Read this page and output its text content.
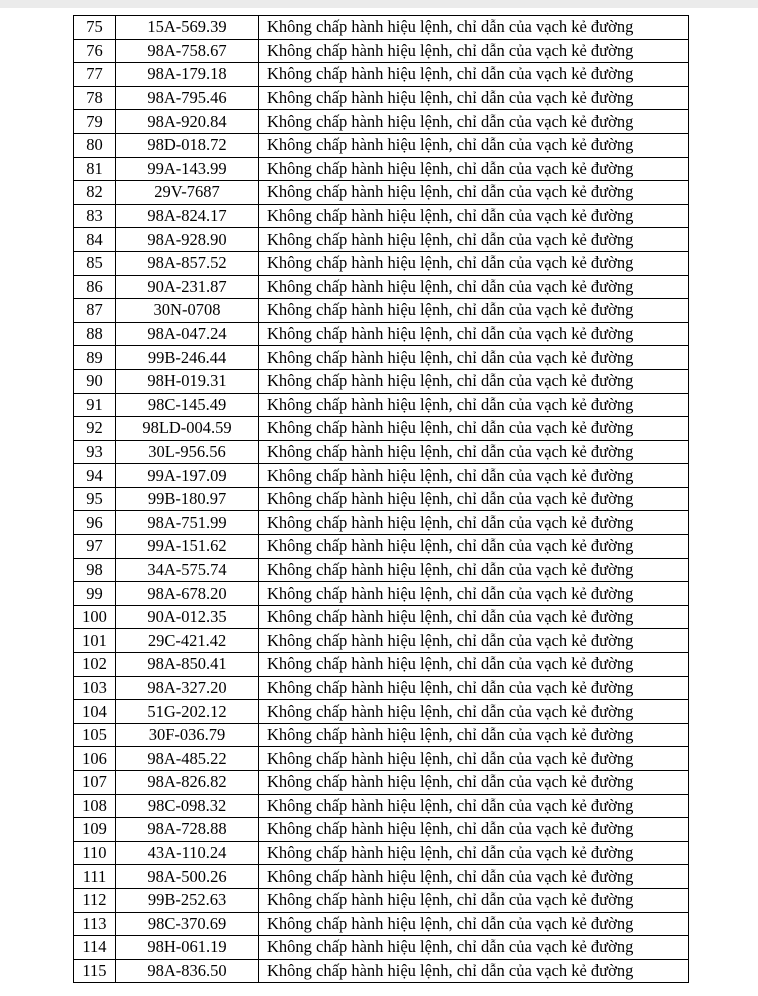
75	15A-569.39	Không chấp hành hiệu lệnh, chỉ dẫn của vạch kẻ đường
76	98A-758.67	Không chấp hành hiệu lệnh, chỉ dẫn của vạch kẻ đường
77	98A-179.18	Không chấp hành hiệu lệnh, chỉ dẫn của vạch kẻ đường
78	98A-795.46	Không chấp hành hiệu lệnh, chỉ dẫn của vạch kẻ đường
79	98A-920.84	Không chấp hành hiệu lệnh, chỉ dẫn của vạch kẻ đường
80	98D-018.72	Không chấp hành hiệu lệnh, chỉ dẫn của vạch kẻ đường
81	99A-143.99	Không chấp hành hiệu lệnh, chỉ dẫn của vạch kẻ đường
82	29V-7687	Không chấp hành hiệu lệnh, chỉ dẫn của vạch kẻ đường
83	98A-824.17	Không chấp hành hiệu lệnh, chỉ dẫn của vạch kẻ đường
84	98A-928.90	Không chấp hành hiệu lệnh, chỉ dẫn của vạch kẻ đường
85	98A-857.52	Không chấp hành hiệu lệnh, chỉ dẫn của vạch kẻ đường
86	90A-231.87	Không chấp hành hiệu lệnh, chỉ dẫn của vạch kẻ đường
87	30N-0708	Không chấp hành hiệu lệnh, chỉ dẫn của vạch kẻ đường
88	98A-047.24	Không chấp hành hiệu lệnh, chỉ dẫn của vạch kẻ đường
89	99B-246.44	Không chấp hành hiệu lệnh, chỉ dẫn của vạch kẻ đường
90	98H-019.31	Không chấp hành hiệu lệnh, chỉ dẫn của vạch kẻ đường
91	98C-145.49	Không chấp hành hiệu lệnh, chỉ dẫn của vạch kẻ đường
92	98LD-004.59	Không chấp hành hiệu lệnh, chỉ dẫn của vạch kẻ đường
93	30L-956.56	Không chấp hành hiệu lệnh, chỉ dẫn của vạch kẻ đường
94	99A-197.09	Không chấp hành hiệu lệnh, chỉ dẫn của vạch kẻ đường
95	99B-180.97	Không chấp hành hiệu lệnh, chỉ dẫn của vạch kẻ đường
96	98A-751.99	Không chấp hành hiệu lệnh, chỉ dẫn của vạch kẻ đường
97	99A-151.62	Không chấp hành hiệu lệnh, chỉ dẫn của vạch kẻ đường
98	34A-575.74	Không chấp hành hiệu lệnh, chỉ dẫn của vạch kẻ đường
99	98A-678.20	Không chấp hành hiệu lệnh, chỉ dẫn của vạch kẻ đường
100	90A-012.35	Không chấp hành hiệu lệnh, chỉ dẫn của vạch kẻ đường
101	29C-421.42	Không chấp hành hiệu lệnh, chỉ dẫn của vạch kẻ đường
102	98A-850.41	Không chấp hành hiệu lệnh, chỉ dẫn của vạch kẻ đường
103	98A-327.20	Không chấp hành hiệu lệnh, chỉ dẫn của vạch kẻ đường
104	51G-202.12	Không chấp hành hiệu lệnh, chỉ dẫn của vạch kẻ đường
105	30F-036.79	Không chấp hành hiệu lệnh, chỉ dẫn của vạch kẻ đường
106	98A-485.22	Không chấp hành hiệu lệnh, chỉ dẫn của vạch kẻ đường
107	98A-826.82	Không chấp hành hiệu lệnh, chỉ dẫn của vạch kẻ đường
108	98C-098.32	Không chấp hành hiệu lệnh, chỉ dẫn của vạch kẻ đường
109	98A-728.88	Không chấp hành hiệu lệnh, chỉ dẫn của vạch kẻ đường
110	43A-110.24	Không chấp hành hiệu lệnh, chỉ dẫn của vạch kẻ đường
111	98A-500.26	Không chấp hành hiệu lệnh, chỉ dẫn của vạch kẻ đường
112	99B-252.63	Không chấp hành hiệu lệnh, chỉ dẫn của vạch kẻ đường
113	98C-370.69	Không chấp hành hiệu lệnh, chỉ dẫn của vạch kẻ đường
114	98H-061.19	Không chấp hành hiệu lệnh, chỉ dẫn của vạch kẻ đường
115	98A-836.50	Không chấp hành hiệu lệnh, chỉ dẫn của vạch kẻ đường
